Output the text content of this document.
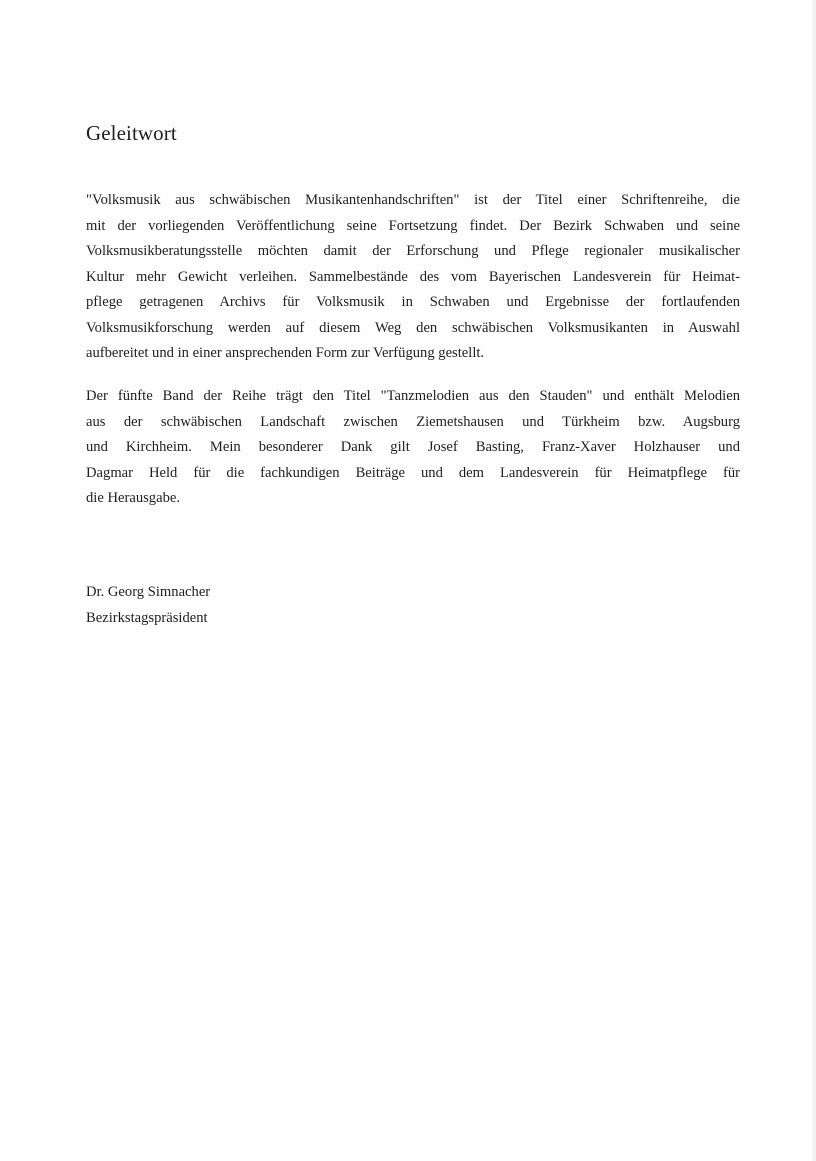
Geleitwort

"Volksmusik aus schwäbischen Musikantenhandschriften" ist der Titel einer Schriftenreihe, die
mit der vorliegenden Veröffentlichung seine Fortsetzung findet. Der Bezirk Schwaben und seine
Volksmusikberatungsstelle möchten damit der Erforschung und Pflege regionaler musikalischer
Kultur mehr Gewicht verleihen. Sammelbestände des vom Bayerischen Landesverein für Heimat-
pflege getragenen Archivs für Volksmusik in Schwaben und Ergebnisse der fortlaufenden
Volksmusikforschung werden auf diesem Weg den schwäbischen Volksmusikanten in Auswahl
aufbereitet und in einer ansprechenden Form zur Verfügung gestellt.

Der fünfte Band der Reihe trägt den Titel "Tanzmelodien aus den Stauden" und enthält Melodien
aus der schwäbischen Landschaft zwischen Ziemetshausen und Türkheim bzw. Augsburg
und Kirchheim. Mein besonderer Dank gilt Josef Basting, Franz-Xaver Holzhauser und
Dagmar Held für die fachkundigen Beiträge und dem Landesverein für Heimatpflege für
die Herausgabe.

Dr. Georg Simnacher
Bezirkstagspräsident
